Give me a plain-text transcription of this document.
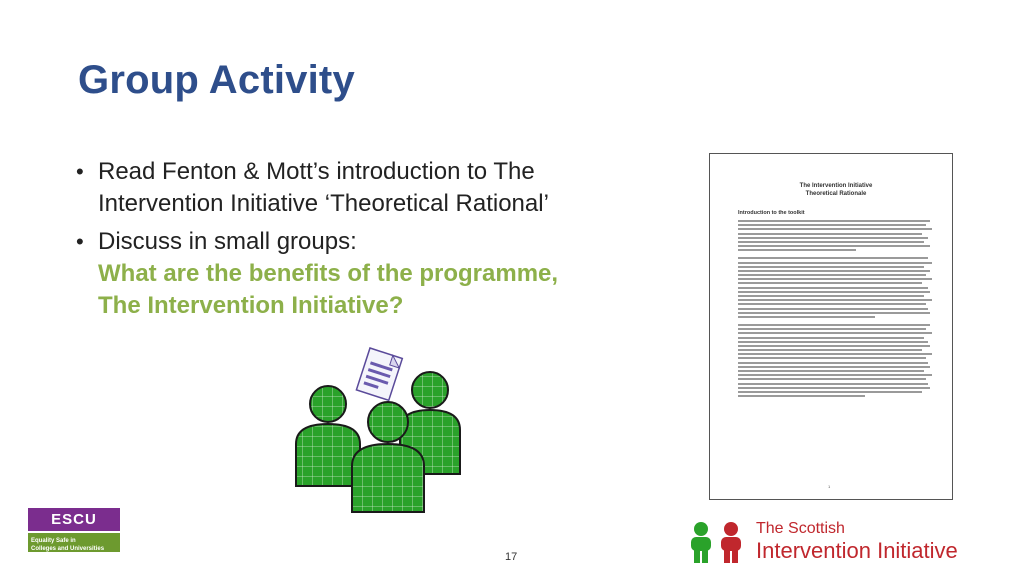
Group Activity
• Read Fenton & Mott’s introduction to The
Intervention Initiative ‘Theoretical Rational’
• Discuss in small groups:
What are the benefits of the programme,
The Intervention Initiative?
The Intervention Initiative
Theoretical Rationale
Introduction to the toolkit
1
ESCU
Equality Safe in
Colleges and Universities
17
The Scottish
Intervention Initiative
